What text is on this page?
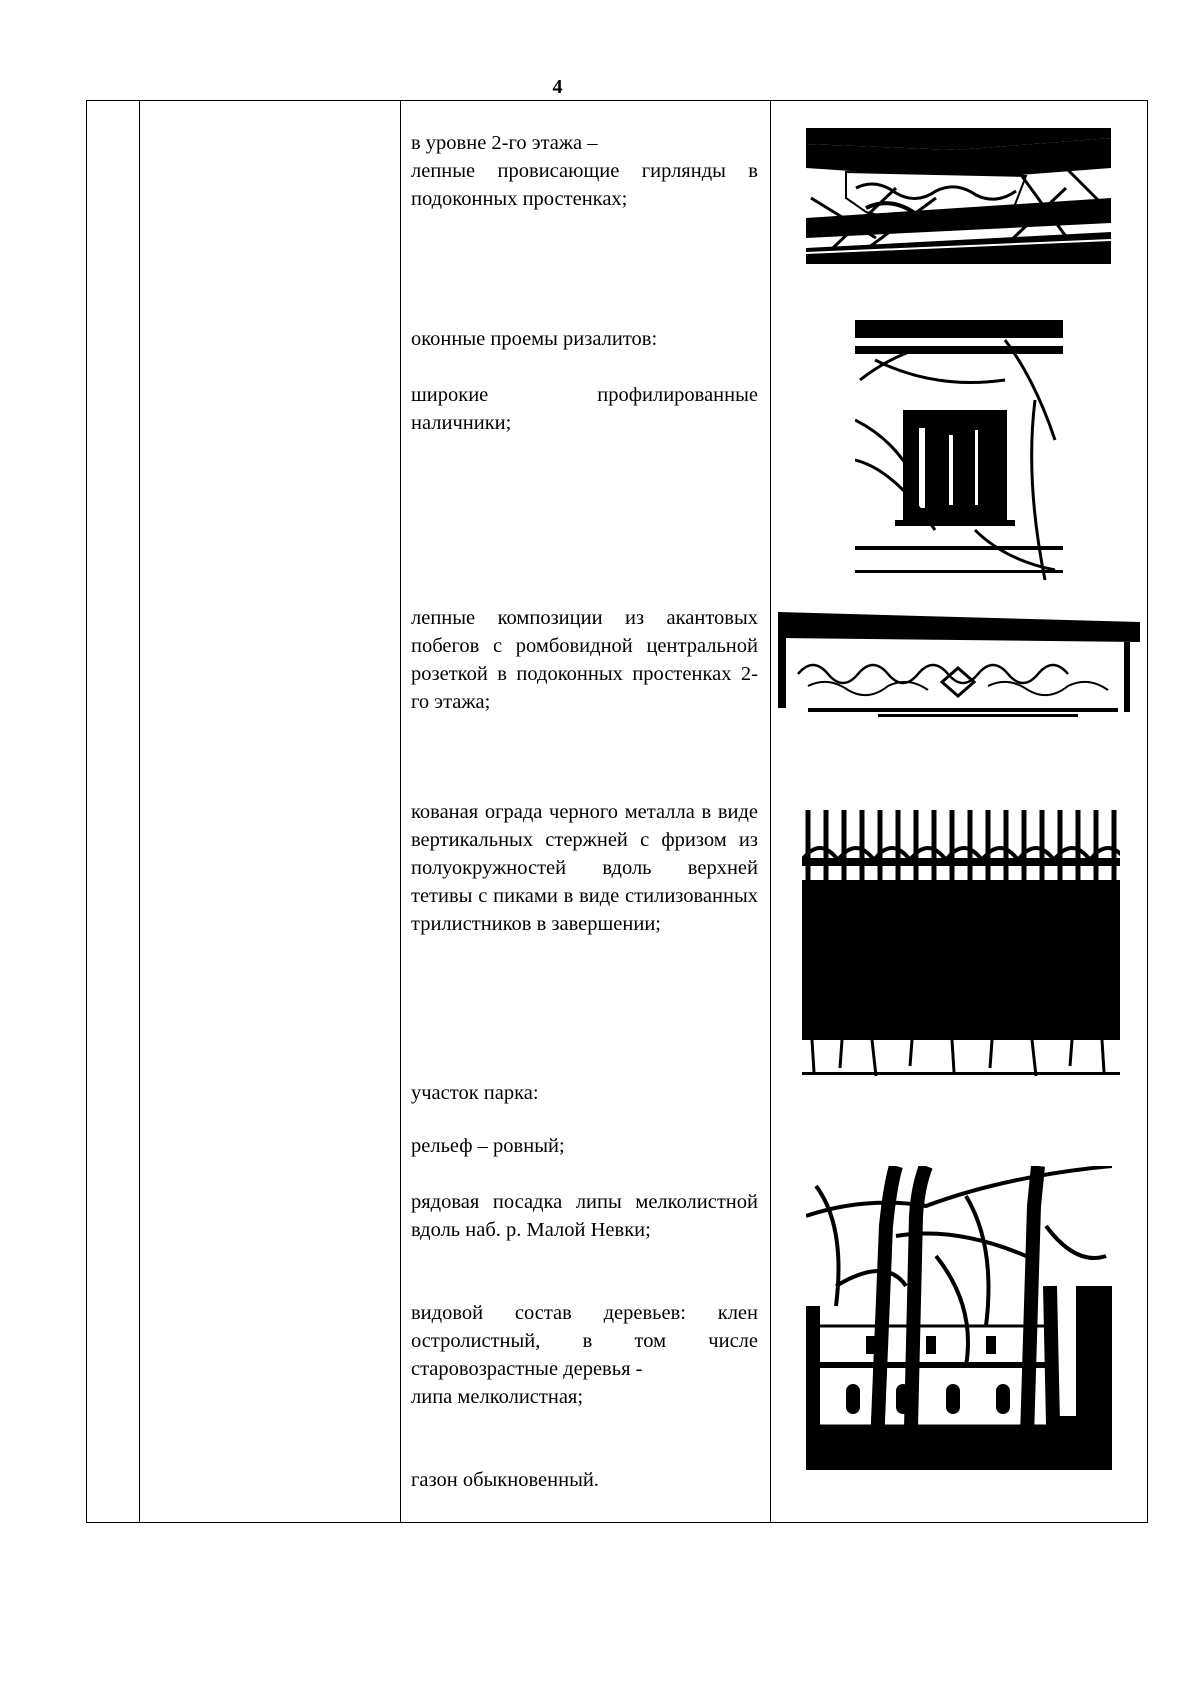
4
в уровне 2-го этажа –
лепные провисающие гирлянды в подоконных простенках;
оконные проемы ризалитов:
широкие профилированные наличники;
лепные композиции из акантовых побегов с ромбовидной центральной розеткой в подоконных простенках 2-го этажа;
кованая ограда черного металла в виде вертикальных стержней с фризом из полуокружностей вдоль верхней тетивы с пиками в виде стилизованных трилистников в завершении;
участок парка:
рельеф – ровный;
рядовая посадка липы мелколистной вдоль наб. р. Малой Невки;
видовой состав деревьев: клен остролистный, в том числе старовозрастные деревья -
липа мелколистная;
газон обыкновенный.
